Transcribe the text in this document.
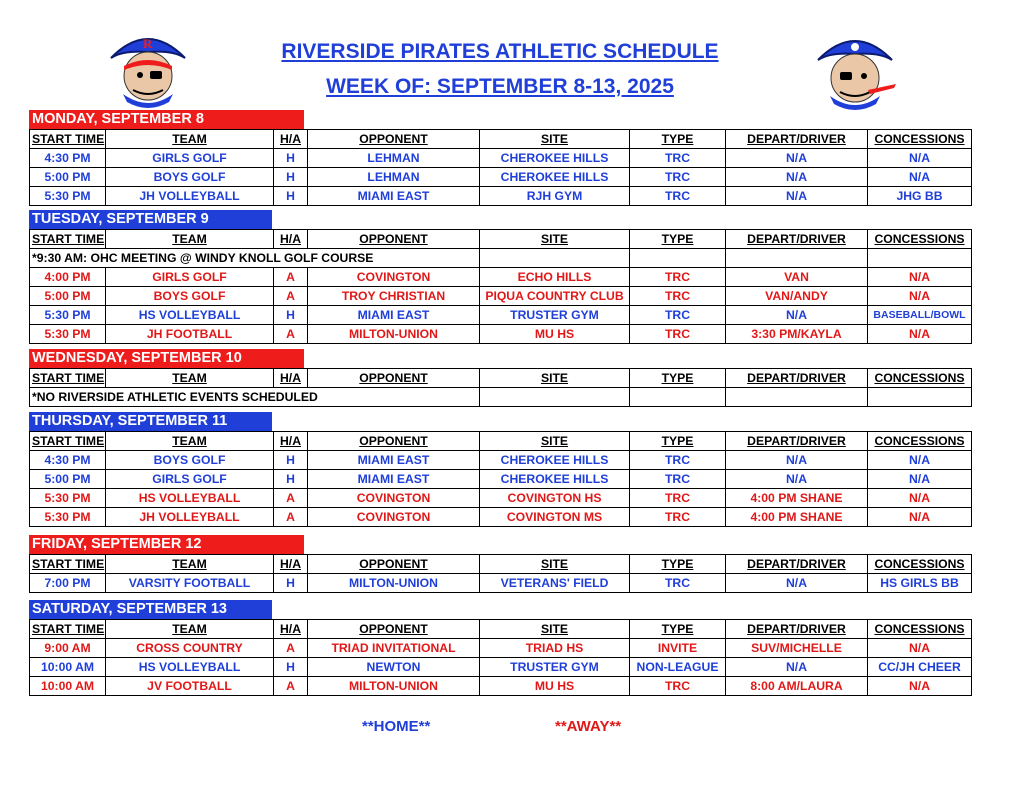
R	RIVERSIDE PIRATES ATHLETIC SCHEDULE
WEEK OF: SEPTEMBER 8-13, 2025
MONDAY, SEPTEMBER 8
START TIME	TEAM	H/A	OPPONENT	SITE	TYPE	DEPART/DRIVER	CONCESSIONS
4:30 PM	GIRLS GOLF	H	LEHMAN	CHEROKEE HILLS	TRC	N/A	N/A
5:00 PM	BOYS GOLF	H	LEHMAN	CHEROKEE HILLS	TRC	N/A	N/A
5:30 PM	JH VOLLEYBALL	H	MIAMI EAST	RJH GYM	TRC	N/A	JHG BB
TUESDAY, SEPTEMBER 9
START TIME	TEAM	H/A	OPPONENT	SITE	TYPE	DEPART/DRIVER	CONCESSIONS
*9:30 AM: OHC MEETING @ WINDY KNOLL GOLF COURSE							
4:00 PM	GIRLS GOLF	A	COVINGTON	ECHO HILLS	TRC	VAN	N/A
5:00 PM	BOYS GOLF	A	TROY CHRISTIAN	PIQUA COUNTRY CLUB	TRC	VAN/ANDY	N/A
5:30 PM	HS VOLLEYBALL	H	MIAMI EAST	TRUSTER GYM	TRC	N/A	BASEBALL/BOWL
5:30 PM	JH FOOTBALL	A	MILTON-UNION	MU HS	TRC	3:30 PM/KAYLA	N/A
WEDNESDAY, SEPTEMBER 10
START TIME	TEAM	H/A	OPPONENT	SITE	TYPE	DEPART/DRIVER	CONCESSIONS
*NO RIVERSIDE ATHLETIC EVENTS SCHEDULED							
THURSDAY, SEPTEMBER 11
START TIME	TEAM	H/A	OPPONENT	SITE	TYPE	DEPART/DRIVER	CONCESSIONS
4:30 PM	BOYS GOLF	H	MIAMI EAST	CHEROKEE HILLS	TRC	N/A	N/A
5:00 PM	GIRLS GOLF	H	MIAMI EAST	CHEROKEE HILLS	TRC	N/A	N/A
5:30 PM	HS VOLLEYBALL	A	COVINGTON	COVINGTON HS	TRC	4:00 PM SHANE	N/A
5:30 PM	JH VOLLEYBALL	A	COVINGTON	COVINGTON MS	TRC	4:00 PM SHANE	N/A
FRIDAY, SEPTEMBER 12
START TIME	TEAM	H/A	OPPONENT	SITE	TYPE	DEPART/DRIVER	CONCESSIONS
7:00 PM	VARSITY FOOTBALL	H	MILTON-UNION	VETERANS' FIELD	TRC	N/A	HS GIRLS BB
SATURDAY, SEPTEMBER 13
START TIME	TEAM	H/A	OPPONENT	SITE	TYPE	DEPART/DRIVER	CONCESSIONS
9:00 AM	CROSS COUNTRY	A	TRIAD INVITATIONAL	TRIAD HS	INVITE	SUV/MICHELLE	N/A
10:00 AM	HS VOLLEYBALL	H	NEWTON	TRUSTER GYM	NON-LEAGUE	N/A	CC/JH CHEER
10:00 AM	JV FOOTBALL	A	MILTON-UNION	MU HS	TRC	8:00 AM/LAURA	N/A
**HOME**	**AWAY**
